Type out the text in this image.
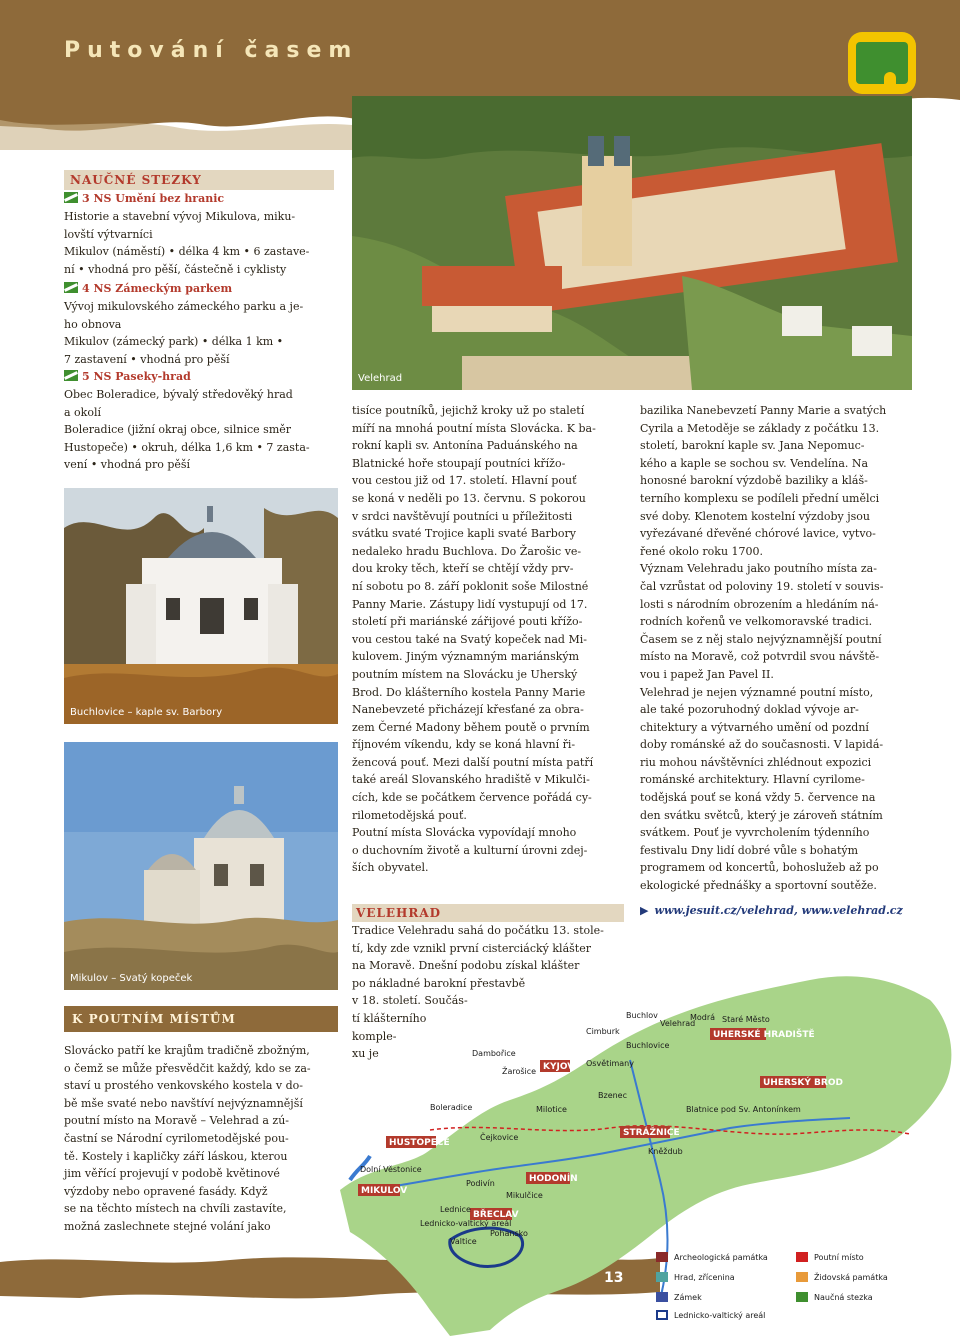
Putování časem
NAUČNÉ STEZKY
3 NS Umění bez hranic
Historie a stavební vývoj Mikulova, miku-
lovští výtvarníci
Mikulov (náměstí) • délka 4 km • 6 zastave-
ní • vhodná pro pěší, částečně i cyklisty
4 NS Zámeckým parkem
Vývoj mikulovského zámeckého parku a je-
ho obnova
Mikulov (zámecký park) • délka 1 km •
7 zastavení • vhodná pro pěší
5 NS Paseky-hrad
Obec Boleradice, bývalý středověký hrad
a okolí
Boleradice (jižní okraj obce, silnice směr
Hustopeče) • okruh, délka 1,6 km • 7 zasta-
vení • vhodná pro pěší
Buchlovice – kaple sv. Barbory
Mikulov – Svatý kopeček
K POUTNÍM MÍSTŮM
Slovácko patří ke krajům tradičně zbožným,
o čemž se může přesvědčit každý, kdo se za-
staví u prostého venkovského kostela v do-
bě mše svaté nebo navštíví nejvýznamnější
poutní místo na Moravě – Velehrad a zú-
častní se Národní cyrilometodějské pou-
tě. Kostely i kapličky září láskou, kterou
jim věřící projevují v podobě květinové
výzdoby nebo opravené fasády. Když
se na těchto místech na chvíli zastavíte,
možná zaslechnete stejné volání jako
Velehrad
tisíce poutníků, jejichž kroky už po staletí
míří na mnohá poutní místa Slovácka. K ba-
rokní kapli sv. Antonína Paduánského na
Blatnické hoře stoupají poutníci křížo-
vou cestou již od 17. století. Hlavní pouť
se koná v neděli po 13. červnu. S pokorou
v srdci navštěvují poutníci u příležitosti
svátku svaté Trojice kapli svaté Barbory
nedaleko hradu Buchlova. Do Žarošic ve-
dou kroky těch, kteří se chtějí vždy prv-
ní sobotu po 8. září poklonit soše Milostné
Panny Marie. Zástupy lidí vystupují od 17.
století při mariánské zářijové pouti křížo-
vou cestou také na Svatý kopeček nad Mi-
kulovem. Jiným významným mariánským
poutním místem na Slovácku je Uherský
Brod. Do klášterního kostela Panny Marie
Nanebevzeté přicházejí křesťané za obra-
zem Černé Madony během poutě o prvním
říjnovém víkendu, kdy se koná hlavní ři-
žencová pouť. Mezi další poutní místa patří
také areál Slovanského hradiště v Mikulči-
cích, kde se počátkem července pořádá cy-
rilometodějská pouť.
Poutní místa Slovácka vypovídají mnoho
o duchovním životě a kulturní úrovni zdej-
ších obyvatel.
VELEHRAD
Tradice Velehradu sahá do počátku 13. stole-
tí, kdy zde vznikl první cisterciácký klášter
na Moravě. Dnešní podobu získal klášter
po nákladné barokní přestavbě
v 18. století. Součás-
tí klášterního
komple-
xu je
bazilika Nanebevzetí Panny Marie a svatých
Cyrila a Metoděje se základy z počátku 13.
století, barokní kaple sv. Jana Nepomuc-
kého a kaple se sochou sv. Vendelína. Na
honosné barokní výzdobě baziliky a kláš-
terního komplexu se podíleli přední umělci
své doby. Klenotem kostelní výzdoby jsou
vyřezávané dřevěné chórové lavice, vytvo-
řené okolo roku 1700.
Význam Velehradu jako poutního místa za-
čal vzrůstat od poloviny 19. století v souvis-
losti s národním obrozením a hledáním ná-
rodních kořenů ve velkomoravské tradici.
Časem se z něj stalo nejvýznamnější poutní
místo na Moravě, což potvrdil svou návště-
vou i papež Jan Pavel II.
Velehrad je nejen významné poutní místo,
ale také pozoruhodný doklad vývoje ar-
chitektury a výtvarného umění od pozdní
doby románské až do současnosti. V lapidá-
riu mohou návštěvníci zhlédnout expozici
románské architektury. Hlavní cyrilome-
todějská pouť se koná vždy 5. července na
den svátku světců, který je zároveň státním
svátkem. Pouť je vyvrcholením týdenního
festivalu Dny lidí dobré vůle s bohatým
programem od koncertů, bohoslužeb až po
ekologické přednášky a sportovní soutěže.
▶ www.jesuit.cz/velehrad, www.velehrad.cz
13
UHERSKÉ HRADIŠTĚ
UHERSKÝ BROD
KYJOV
HUSTOPEČE
MIKULOV
HODONÍN
BŘECLAV
STRÁŽNICE
Buchlov
Velehrad
Modrá
Cimburk
Buchlovice
Staré Město
Dambořice
Žarošice
Osvětimany
Boleradice
Čejkovice
Milotice
Bzenec
Blatnice pod Sv. Antonínkem
Kněždub
Dolní Věstonice
Podivín
Lednice
Mikulčice
Pohansko
Valtice
Lednicko-valtický areál
Archeologická památka	Poutní místo
Hrad, zřícenina	Židovská památka
Zámek	Naučná stezka
Lednicko-valtický areál
